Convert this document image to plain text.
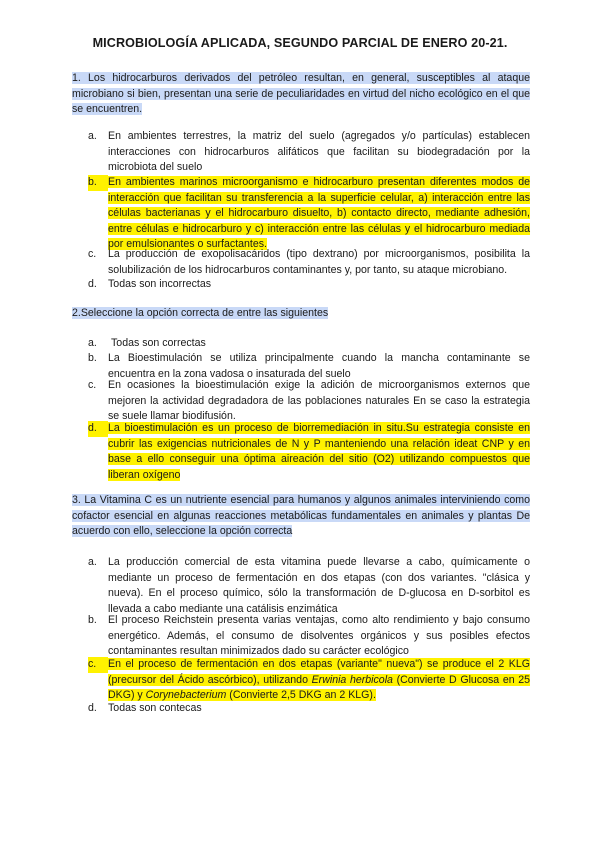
MICROBIOLOGÍA APLICADA, SEGUNDO PARCIAL DE ENERO 20-21.
1. Los hidrocarburos derivados del petróleo resultan, en general, susceptibles al ataque microbiano si bien, presentan una serie de peculiaridades en virtud del nicho ecológico en el que se encuentren.
a.	En ambientes terrestres, la matriz del suelo (agregados y/o partículas) establecen interacciones con hidrocarburos alifáticos que facilitan su biodegradación por la microbiota del suelo
b.	En ambientes marinos microorganismo e hidrocarburo presentan diferentes modos de interacción que facilitan su transferencia a la superficie celular, a) interacción entre las células bacterianas y el hidrocarburo disuelto, b) contacto directo, mediante adhesión, entre células e hidrocarburo y c) interacción entre las células y el hidrocarburo mediada por emulsionantes o surfactantes.
c.	La producción de exopolisacáridos (tipo dextrano) por microorganismos, posibilita la solubilización de los hidrocarburos contaminantes y, por tanto, su ataque microbiano.
d.	Todas son incorrectas
2.Seleccione la opción correcta de entre las siguientes
a.	Todas son correctas
b.	La Bioestimulación se utiliza principalmente cuando la mancha contaminante se encuentra en la zona vadosa o insaturada del suelo
c.	En ocasiones la bioestimulación exige la adición de microorganismos externos que mejoren la actividad degradadora de las poblaciones naturales En se caso la estrategia se suele llamar biodifusión.
d.	La bioestimulación es un proceso de biorremediación in situ.Su estrategia consiste en cubrir las exigencias nutricionales de N y P manteniendo una relación ideat CNP y en base a ello conseguir una óptima aireación del sitio (O2) utilizando compuestos que liberan oxígeno
3. La Vitamina C es un nutriente esencial para humanos y algunos animales interviniendo como cofactor esencial en algunas reacciones metabólicas fundamentales en animales y plantas De acuerdo con ello, seleccione la opción correcta
a.	La producción comercial de esta vitamina puede llevarse a cabo, químicamente o mediante un proceso de fermentación en dos etapas (con dos variantes. "clásica y nueva). En el proceso químico, sólo la transformación de D-glucosa en D-sorbitol es llevada a cabo mediante una catálisis enzimática
b.	El proceso Reichstein presenta varias ventajas, como alto rendimiento y bajo consumo energético. Además, el consumo de disolventes orgánicos y sus posibles efectos contaminantes resultan minimizados dado su carácter ecológico
c.	En el proceso de fermentación en dos etapas (variante" nueva") se produce el 2 KLG (precursor del Ácido ascórbico), utilizando Erwinia herbicola (Convierte D Glucosa en 25 DKG) y Corynebacterium (Convierte 2,5 DKG an 2 KLG).
d.	Todas son contecas
